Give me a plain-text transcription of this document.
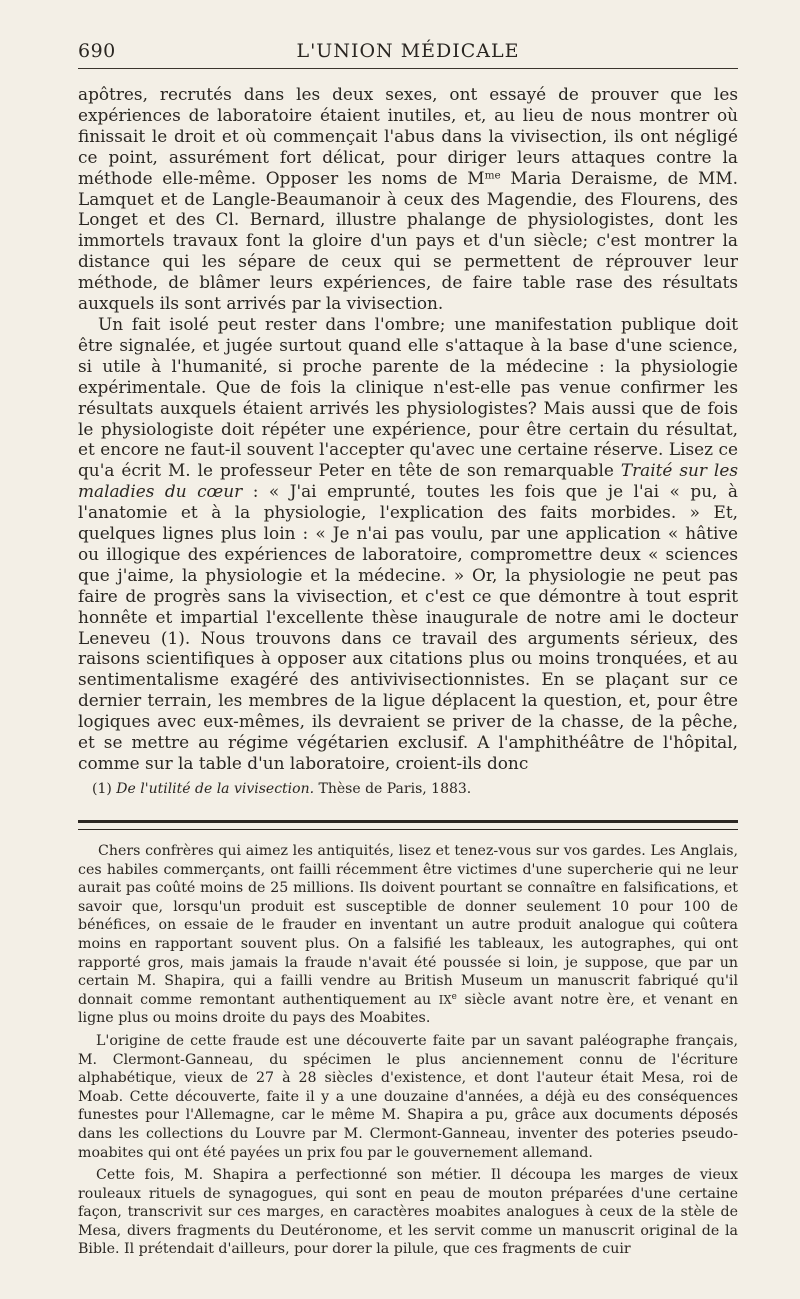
690	L'UNION MÉDICALE

apôtres, recrutés dans les deux sexes, ont essayé de prouver que les expériences de laboratoire étaient inutiles, et, au lieu de nous montrer où finissait le droit et où commençait l'abus dans la vivisection, ils ont négligé ce point, assurément fort délicat, pour diriger leurs attaques contre la méthode elle-même. Opposer les noms de $M^{me}$ Maria Deraisme, de MM. Lamquet et de Langle-Beaumanoir à ceux des Magendie, des Flourens, des Longet et des Cl. Bernard, illustre phalange de physiologistes, dont les immortels travaux font la gloire d'un pays et d'un siècle; c'est montrer la distance qui les sépare de ceux qui se permettent de réprouver leur méthode, de blâmer leurs expériences, de faire table rase des résultats auxquels ils sont arrivés par la vivisection.

Un fait isolé peut rester dans l'ombre; une manifestation publique doit être signalée, et jugée surtout quand elle s'attaque à la base d'une science, si utile à l'humanité, si proche parente de la médecine : la physiologie expérimentale. Que de fois la clinique n'est-elle pas venue confirmer les résultats auxquels étaient arrivés les physiologistes? Mais aussi que de fois le physiologiste doit répéter une expérience, pour être certain du résultat, et encore ne faut-il souvent l'accepter qu'avec une certaine réserve. Lisez ce qu'a écrit M. le professeur Peter en tête de son remarquable Traité sur les maladies du cœur : « J'ai emprunté, toutes les fois que je l'ai « pu, à l'anatomie et à la physiologie, l'explication des faits morbides. » Et, quelques lignes plus loin : « Je n'ai pas voulu, par une application « hâtive ou illogique des expériences de laboratoire, compromettre deux « sciences que j'aime, la physiologie et la médecine. » Or, la physiologie ne peut pas faire de progrès sans la vivisection, et c'est ce que démontre à tout esprit honnête et impartial l'excellente thèse inaugurale de notre ami le docteur Leneveu (1). Nous trouvons dans ce travail des arguments sérieux, des raisons scientifiques à opposer aux citations plus ou moins tronquées, et au sentimentalisme exagéré des antivivisectionnistes. En se plaçant sur ce dernier terrain, les membres de la ligue déplacent la question, et, pour être logiques avec eux-mêmes, ils devraient se priver de la chasse, de la pêche, et se mettre au régime végétarien exclusif. A l'amphithéâtre de l'hôpital, comme sur la table d'un laboratoire, croient-ils donc

(1) De l'utilité de la vivisection. Thèse de Paris, 1883.

Chers confrères qui aimez les antiquités, lisez et tenez-vous sur vos gardes. Les Anglais, ces habiles commerçants, ont failli récemment être victimes d'une supercherie qui ne leur aurait pas coûté moins de 25 millions. Ils doivent pourtant se connaître en falsifications, et savoir que, lorsqu'un produit est susceptible de donner seulement 10 pour 100 de bénéfices, on essaie de le frauder en inventant un autre produit analogue qui coûtera moins en rapportant souvent plus. On a falsifié les tableaux, les autographes, qui ont rapporté gros, mais jamais la fraude n'avait été poussée si loin, je suppose, que par un certain M. Shapira, qui a failli vendre au British Museum un manuscrit fabriqué qu'il donnait comme remontant authentiquement au IXe siècle avant notre ère, et venant en ligne plus ou moins droite du pays des Moabites.

L'origine de cette fraude est une découverte faite par un savant paléographe français, M. Clermont-Ganneau, du spécimen le plus anciennement connu de l'écriture alphabétique, vieux de 27 à 28 siècles d'existence, et dont l'auteur était Mesa, roi de Moab. Cette découverte, faite il y a une douzaine d'années, a déjà eu des conséquences funestes pour l'Allemagne, car le même M. Shapira a pu, grâce aux documents déposés dans les collections du Louvre par M. Clermont-Ganneau, inventer des poteries pseudo-moabites qui ont été payées un prix fou par le gouvernement allemand.

Cette fois, M. Shapira a perfectionné son métier. Il découpa les marges de vieux rouleaux rituels de synagogues, qui sont en peau de mouton préparées d'une certaine façon, transcrivit sur ces marges, en caractères moabites analogues à ceux de la stèle de Mesa, divers fragments du Deutéronome, et les servit comme un manuscrit original de la Bible. Il prétendait d'ailleurs, pour dorer la pilule, que ces fragments de cuir
